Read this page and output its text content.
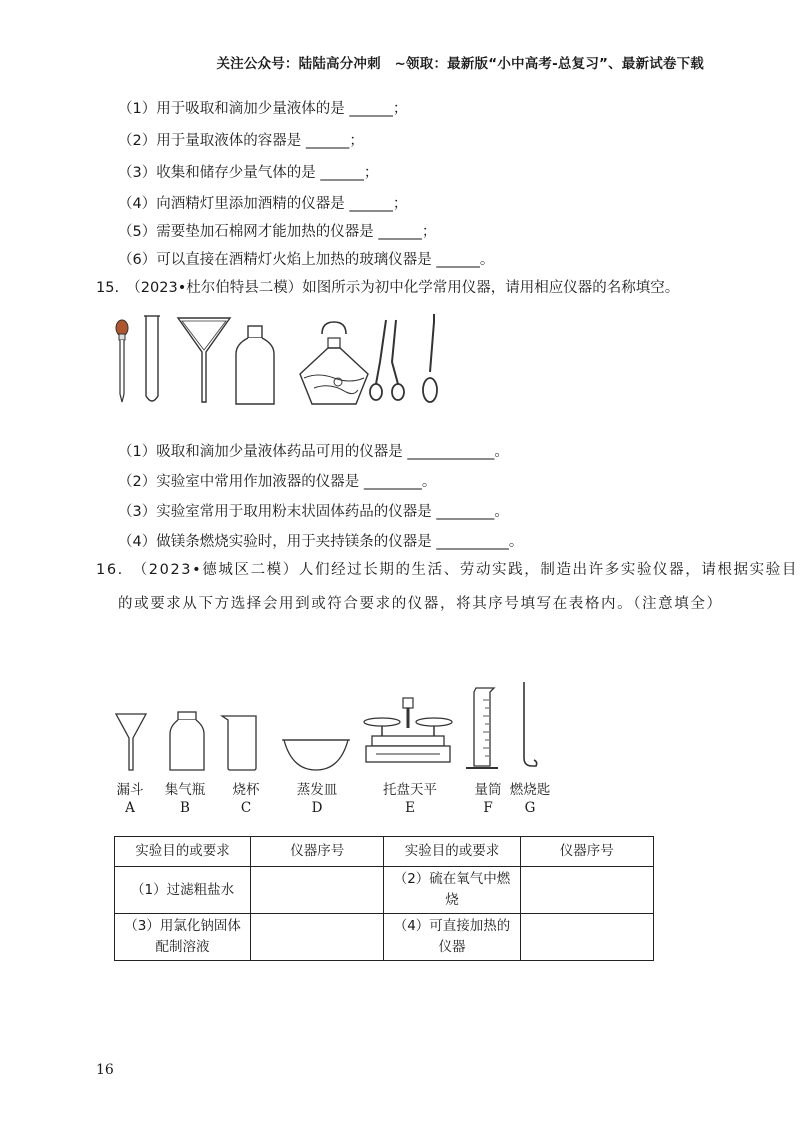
关注公众号：陆陆高分冲刺　~领取：最新版“小中高考-总复习”、最新试卷下载
（1）用于吸取和滴加少量液体的是 ______；
（2）用于量取液体的容器是 ______；
（3）收集和储存少量气体的是 ______；
（4）向酒精灯里添加酒精的仪器是 ______；
（5）需要垫加石棉网才能加热的仪器是 ______；
（6）可以直接在酒精灯火焰上加热的玻璃仪器是 ______。
15.　（2023•杜尔伯特县二模）如图所示为初中化学常用仪器，请用相应仪器的名称填空。
（1）吸取和滴加少量液体药品可用的仪器是 ____________。
（2）实验室中常用作加液器的仪器是 ________。
（3）实验室常用于取用粉末状固体药品的仪器是 ________。
（4）做镁条燃烧实验时，用于夹持镁条的仪器是 __________。
16.　（2023•德城区二模）人们经过长期的生活、劳动实践，制造出许多实验仪器，请根据实验目
的或要求从下方选择会用到或符合要求的仪器，将其序号填写在表格内。（注意填全）
漏斗	集气瓶	烧杯	蒸发皿	托盘天平	量筒 燃烧匙
A	B	C	D	E	F	G
实验目的或要求	仪器序号	实验目的或要求	仪器序号
（1）过滤粗盐水		（2）硫在氧气中燃烧	
（3）用氯化钠固体配制溶液		（4）可直接加热的仪器	
16
